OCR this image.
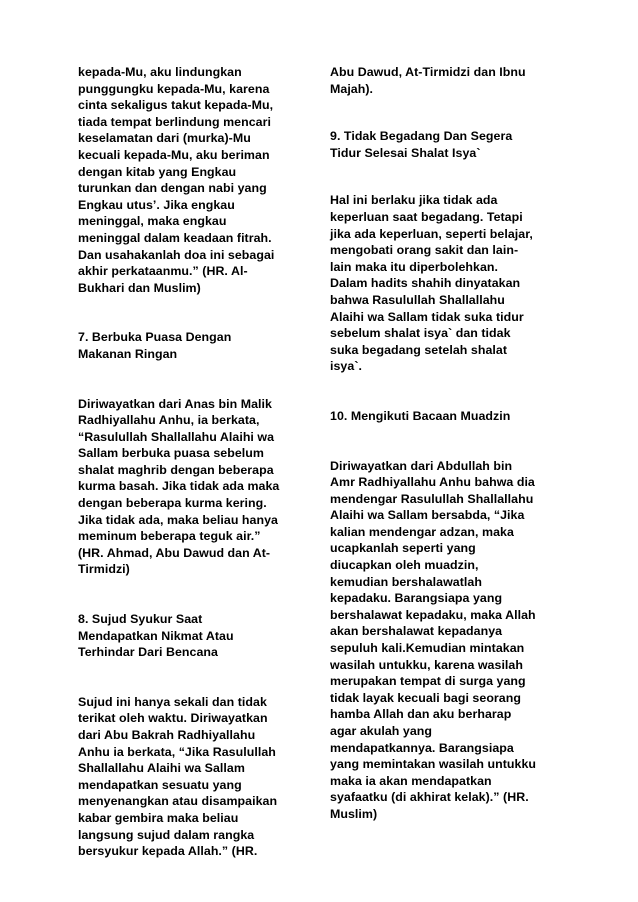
kepada-Mu, aku lindungkan
punggungku kepada-Mu, karena
cinta sekaligus takut kepada-Mu,
tiada tempat berlindung mencari
keselamatan dari (murka)-Mu
kecuali kepada-Mu, aku beriman
dengan kitab yang Engkau
turunkan dan dengan nabi yang
Engkau utus’. Jika engkau
meninggal, maka engkau
meninggal dalam keadaan fitrah.
Dan usahakanlah doa ini sebagai
akhir perkataanmu.” (HR. Al-
Bukhari dan Muslim)
7. Berbuka Puasa Dengan
Makanan Ringan
Diriwayatkan dari Anas bin Malik
Radhiyallahu Anhu, ia berkata,
“Rasulullah Shallallahu Alaihi wa
Sallam berbuka puasa sebelum
shalat maghrib dengan beberapa
kurma basah. Jika tidak ada maka
dengan beberapa kurma kering.
Jika tidak ada, maka beliau hanya
meminum beberapa teguk air.”
(HR. Ahmad, Abu Dawud dan At-
Tirmidzi)
8. Sujud Syukur Saat
Mendapatkan Nikmat Atau
Terhindar Dari Bencana
Sujud ini hanya sekali dan tidak
terikat oleh waktu. Diriwayatkan
dari Abu Bakrah Radhiyallahu
Anhu ia berkata, “Jika Rasulullah
Shallallahu Alaihi wa Sallam
mendapatkan sesuatu yang
menyenangkan atau disampaikan
kabar gembira maka beliau
langsung sujud dalam rangka
bersyukur kepada Allah.” (HR.
Abu Dawud, At-Tirmidzi dan Ibnu
Majah).
9. Tidak Begadang Dan Segera
Tidur Selesai Shalat Isya`
Hal ini berlaku jika tidak ada
keperluan saat begadang. Tetapi
jika ada keperluan, seperti belajar,
mengobati orang sakit dan lain-
lain maka itu diperbolehkan.
Dalam hadits shahih dinyatakan
bahwa Rasulullah Shallallahu
Alaihi wa Sallam tidak suka tidur
sebelum shalat isya` dan tidak
suka begadang setelah shalat
isya`.
10. Mengikuti Bacaan Muadzin
Diriwayatkan dari Abdullah bin
Amr Radhiyallahu Anhu bahwa dia
mendengar Rasulullah Shallallahu
Alaihi wa Sallam bersabda, “Jika
kalian mendengar adzan, maka
ucapkanlah seperti yang
diucapkan oleh muadzin,
kemudian bershalawatlah
kepadaku. Barangsiapa yang
bershalawat kepadaku, maka Allah
akan bershalawat kepadanya
sepuluh kali.Kemudian mintakan
wasilah untukku, karena wasilah
merupakan tempat di surga yang
tidak layak kecuali bagi seorang
hamba Allah dan aku berharap
agar akulah yang
mendapatkannya. Barangsiapa
yang memintakan wasilah untukku
maka ia akan mendapatkan
syafaatku (di akhirat kelak).” (HR.
Muslim)
